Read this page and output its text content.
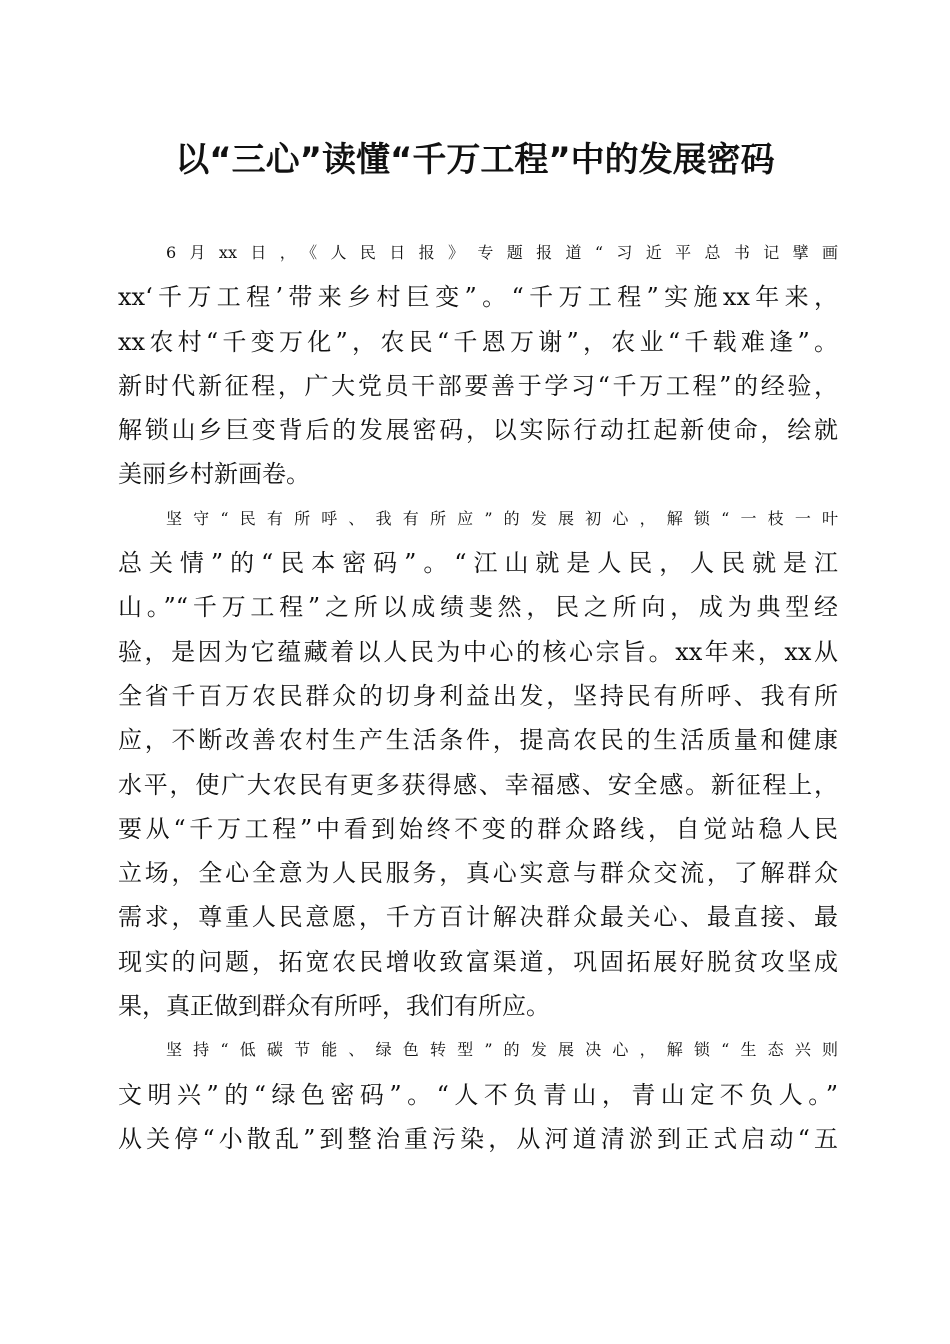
以“三心”读懂“千万工程”中的发展密码
6月xx日，《人民日报》专题报道“习近平总书记擘画
xx‘千万工程’带来乡村巨变”。“千万工程”实施xx年来，
xx农村“千变万化”，农民“千恩万谢”，农业“千载难逢”。
新时代新征程，广大党员干部要善于学习“千万工程”的经验，
解锁山乡巨变背后的发展密码，以实际行动扛起新使命，绘就
美丽乡村新画卷。
坚守“民有所呼、我有所应”的发展初心，解锁“一枝一叶
总关情”的“民本密码”。“江山就是人民，人民就是江
山。”“千万工程”之所以成绩斐然，民之所向，成为典型经
验，是因为它蕴藏着以人民为中心的核心宗旨。xx年来，xx从
全省千百万农民群众的切身利益出发，坚持民有所呼、我有所
应，不断改善农村生产生活条件，提高农民的生活质量和健康
水平，使广大农民有更多获得感、幸福感、安全感。新征程上，
要从“千万工程”中看到始终不变的群众路线，自觉站稳人民
立场，全心全意为人民服务，真心实意与群众交流，了解群众
需求，尊重人民意愿，千方百计解决群众最关心、最直接、最
现实的问题，拓宽农民增收致富渠道，巩固拓展好脱贫攻坚成
果，真正做到群众有所呼，我们有所应。
坚持“低碳节能、绿色转型”的发展决心，解锁“生态兴则
文明兴”的“绿色密码”。“人不负青山，青山定不负人。”
从关停“小散乱”到整治重污染，从河道清淤到正式启动“五
